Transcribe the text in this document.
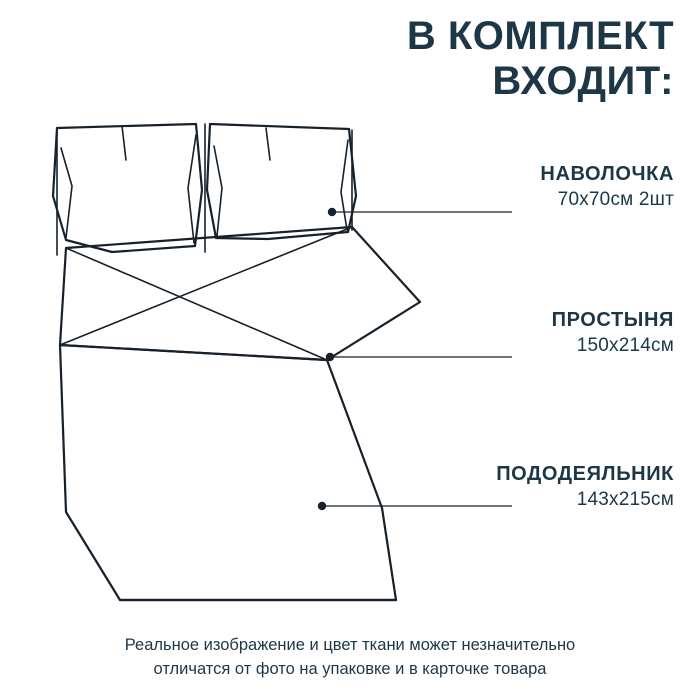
В КОМПЛЕКТ
ВХОДИТ:
НАВОЛОЧКА
70х70см 2шт
ПРОСТЫНЯ
150х214см
ПОДОДЕЯЛЬНИК
143х215см
Реальное изображение и цвет ткани может незначительно
отличатся от фото на упаковке и в карточке товара
